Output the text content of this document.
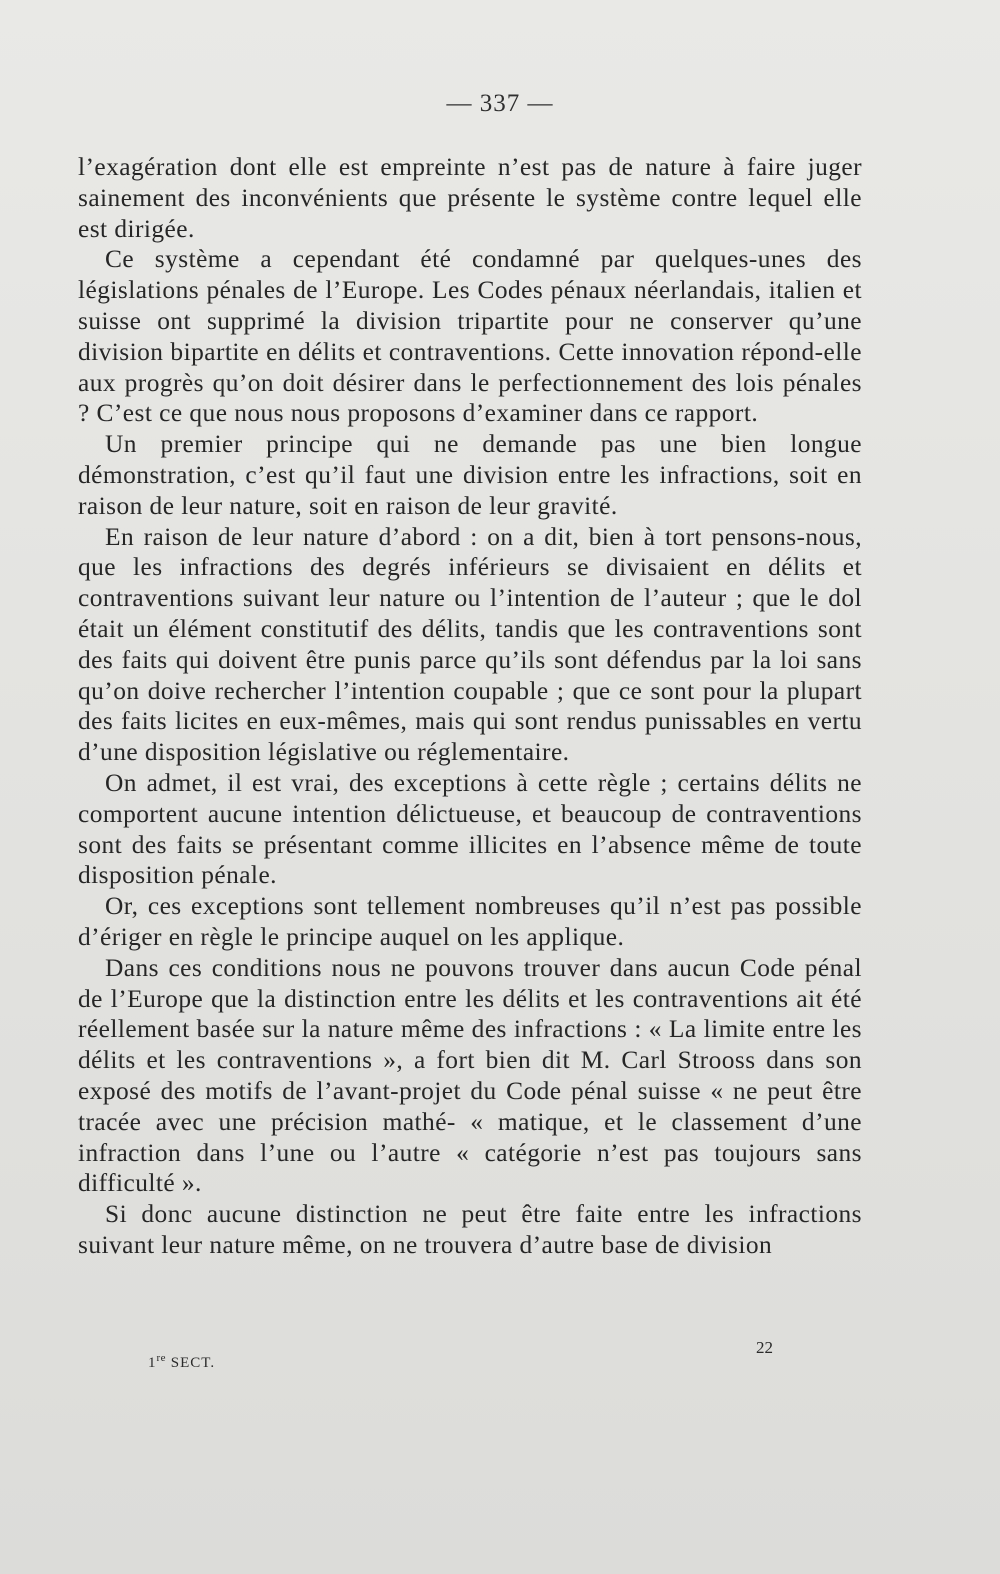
— 337 —

l’exagération dont elle est empreinte n’est pas de nature à faire juger sainement des inconvénients que présente le système contre lequel elle est dirigée.

Ce système a cependant été condamné par quelques-unes des législations pénales de l’Europe. Les Codes pénaux néerlandais, italien et suisse ont supprimé la division tripartite pour ne conserver qu’une division bipartite en délits et contraventions. Cette innovation répond-elle aux progrès qu’on doit désirer dans le perfectionnement des lois pénales ? C’est ce que nous nous proposons d’examiner dans ce rapport.

Un premier principe qui ne demande pas une bien longue démonstration, c’est qu’il faut une division entre les infractions, soit en raison de leur nature, soit en raison de leur gravité.

En raison de leur nature d’abord : on a dit, bien à tort pensons-nous, que les infractions des degrés inférieurs se divisaient en délits et contraventions suivant leur nature ou l’intention de l’auteur ; que le dol était un élément constitutif des délits, tandis que les contraventions sont des faits qui doivent être punis parce qu’ils sont défendus par la loi sans qu’on doive rechercher l’intention coupable ; que ce sont pour la plupart des faits licites en eux-mêmes, mais qui sont rendus punissables en vertu d’une disposition législative ou réglementaire.

On admet, il est vrai, des exceptions à cette règle ; certains délits ne comportent aucune intention délictueuse, et beaucoup de contraventions sont des faits se présentant comme illicites en l’absence même de toute disposition pénale.

Or, ces exceptions sont tellement nombreuses qu’il n’est pas possible d’ériger en règle le principe auquel on les applique.

Dans ces conditions nous ne pouvons trouver dans aucun Code pénal de l’Europe que la distinction entre les délits et les contraventions ait été réellement basée sur la nature même des infractions : « La limite entre les délits et les contraventions », a fort bien dit M. Carl Strooss dans son exposé des motifs de l’avant-projet du Code pénal suisse « ne peut être tracée avec une précision mathé- « matique, et le classement d’une infraction dans l’une ou l’autre « catégorie n’est pas toujours sans difficulté ».

Si donc aucune distinction ne peut être faite entre les infractions suivant leur nature même, on ne trouvera d’autre base de division

1re SECT.
22
